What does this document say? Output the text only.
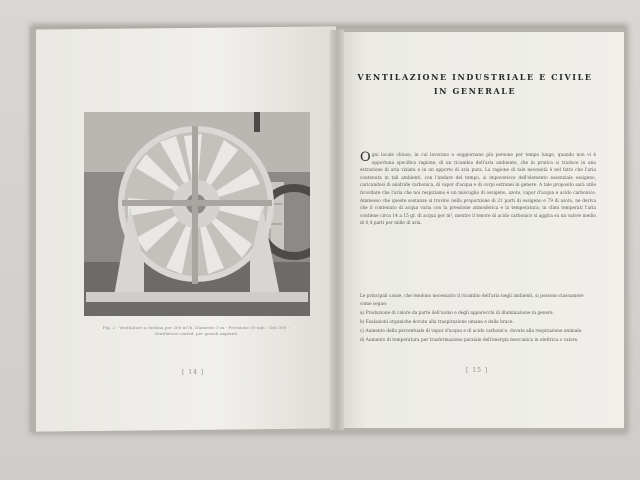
Fig. 2 - Ventilatore a turbina per 300 m³/h. Diametro 5 m - Pressione 50 mm - Giri 300 - Ventilatore centrif. per grandi impianti
[ 14 ]
VENTILAZIONE INDUSTRIALE E CIVILE
IN GENERALE

Ogni locale chiuso, in cui lavorano o soggiornano più persone per tempo lungo, quando non vi è opportuna specifica ragione, di un ricambio dell'aria ambiente, che in pratica si traduce in una estrazione di aria viziata e in un apporto di aria pura. La ragione di tale necessità è nel fatto che l'aria contenuta in tali ambienti, con l'andare del tempo, si impoverisce dell'elemento essenziale ossigeno, caricandosi di anidride carbonica, di vapor d'acqua e di corpi estranei in genere. A tale proposito sarà utile ricordare che l'aria che noi respiriamo è un miscuglio di ossigeno, azoto, vapor d'acqua e acido carbonico. Ammesso che queste sostanze si trovino nella proporzione di 21 parti di ossigeno e 79 di azoto, ne deriva che il contenuto di acqua varia con la pressione atmosferica e la temperatura; in climi temperati l'aria contiene circa 14 a 15 gr. di acqua per m³, mentre il tenore di acido carbonico si aggira su un valore medio di 0,4 parti per mille di aria.

Le principali cause, che rendono necessario il ricambio dell'aria negli ambienti, si possono riassumere come segue:
a) Produzione di calore da parte dell'uomo e degli apparecchi di illuminazione in genere.
b) Esalazioni organiche dovute alla traspirazione umana e della brace.
c) Aumento della percentuale di vapor d'acqua e di acido carbonico, dovute alla respirazione animale.
d) Aumento di temperatura per trasformazione parziale dell'energia meccanica in elettrica o calore.
[ 15 ]
